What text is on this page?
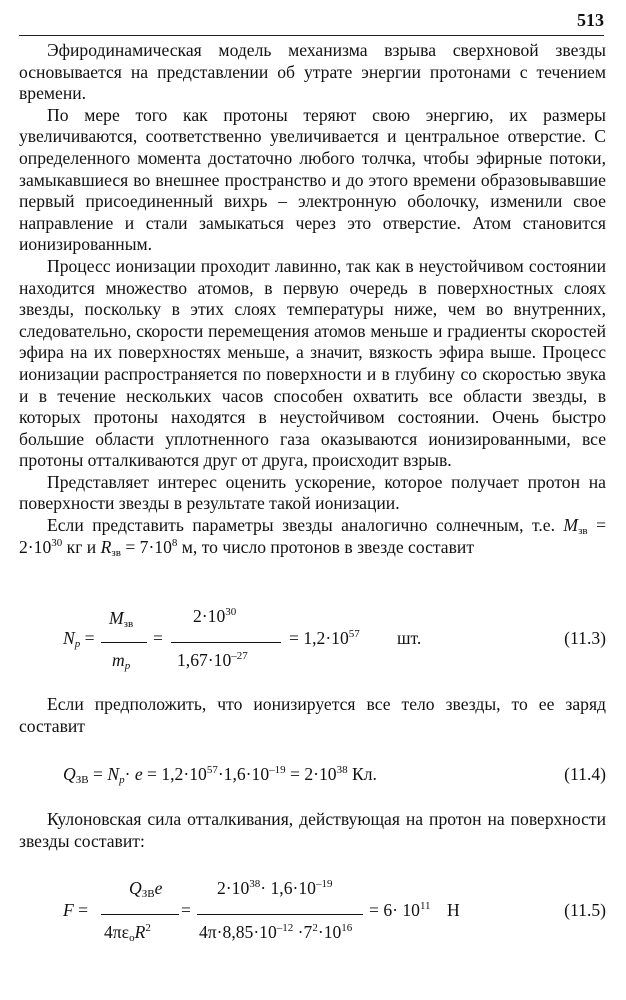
513

Эфиродинамическая модель механизма взрыва сверхновой звезды основывается на представлении об утрате энергии протонами с течением времени.

По мере того как протоны теряют свою энергию, их размеры увеличиваются, соответственно увеличивается и центральное отверстие. С определенного момента достаточно любого толчка, чтобы эфирные потоки, замыкавшиеся во внешнее пространство и до этого времени образовывавшие первый присоединенный вихрь – электронную оболочку, изменили свое направление и стали замыкаться через это отверстие. Атом становится ионизированным.

Процесс ионизации проходит лавинно, так как в неустойчивом состоянии находится множество атомов, в первую очередь в поверхностных слоях звезды, поскольку в этих слоях температуры ниже, чем во внутренних, следовательно, скорости перемещения атомов меньше и градиенты скоростей эфира на их поверхностях меньше, а значит, вязкость эфира выше. Процесс ионизации распространяется по поверхности и в глубину со скоростью звука и в течение нескольких часов способен охватить все области звезды, в которых протоны находятся в неустойчивом состоянии. Очень быстро большие области уплотненного газа оказываются ионизированными, все протоны отталкиваются друг от друга, происходит взрыв.

Представляет интерес оценить ускорение, которое получает протон на поверхности звезды в результате такой ионизации.

Если представить параметры звезды аналогично солнечным, т.е. $M_{зв} = 2\cdot 10^{30}$ кг и $R_{зв} = 7\cdot 10^8$ м, то число протонов в звезде составит

$N_p$ =
$M_{зв}$
$m_p$
=
$2\cdot 10^{30}$
$1,67\cdot 10^{-27}$
= $1,2\cdot 10^{57}$ шт.	(11.3)

Если предположить, что ионизируется все тело звезды, то ее заряд составит

$Q_{ЗВ} = N_p\cdot e = 1,2\cdot 10^{57}\cdot 1,6\cdot 10^{-19} = 2\cdot 10^{38}$ Кл.	(11.4)

Кулоновская сила отталкивания, действующая на протон на поверхности звезды составит:

F =
$Q_{ЗВ}e$
$4\pi\varepsilon_оR^2$
=
$2\cdot 10^{38}\cdot 1,6\cdot 10^{-19}$
$4\pi\cdot 8,85\cdot 10^{-12} \cdot 7^2\cdot 10^{16}$
= $6\cdot 10^{11}$ Н	(11.5)
